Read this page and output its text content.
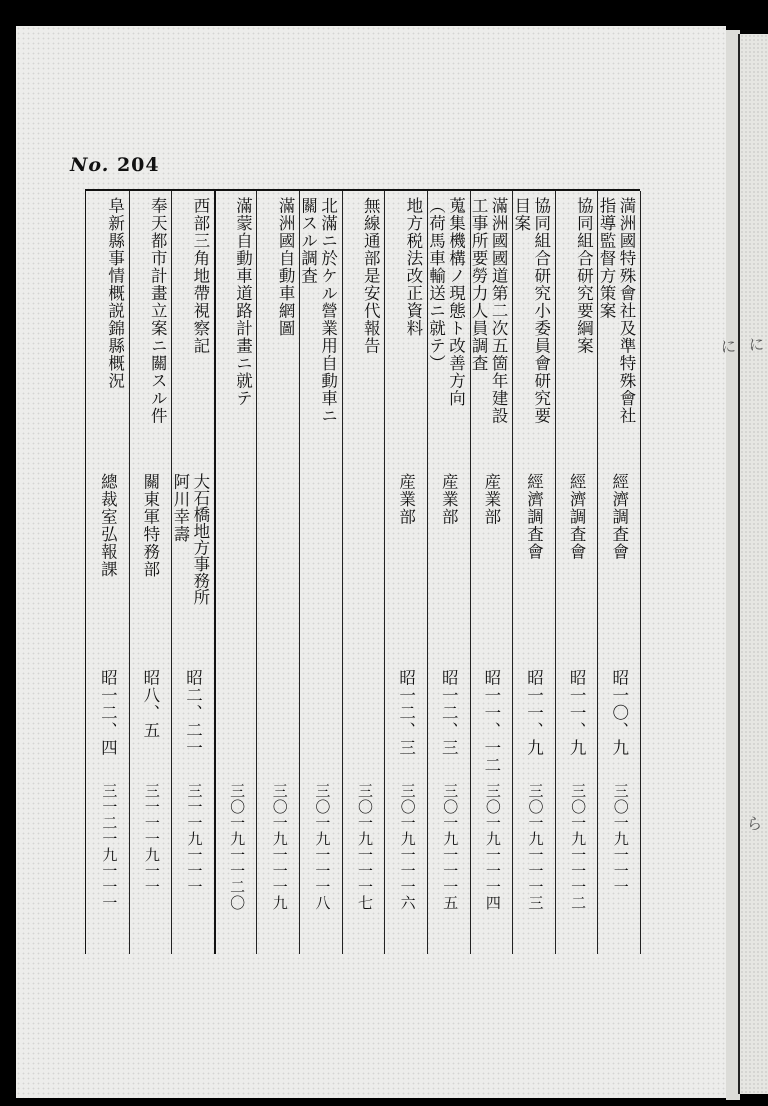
No. 204
に に
ら
満洲國特殊會社及準特殊會社
指導監督方策案
經濟調査會
昭一〇、九
三〇一九一一一
協同組合研究要綱案
經濟調査會
昭一一、九
三〇一九一一一二
協同組合研究小委員會研究要
目案
經濟調査會
昭一一、九
三〇一九一一一三
滿洲國國道第二次五箇年建設
工事所要勞力人員調査
産業部
昭一一、一二
三〇一九一一一四
蒐集機構ノ現態ト改善方向
（荷馬車輸送ニ就テ）
産業部
昭一二、三
三〇一九一一一五
地方税法改正資料
産業部
昭一二、三
三〇一九一一一六
無線通部是安代報告
三〇一九一一一七
北滿ニ於ケル營業用自動車ニ
關スル調査
三〇一九一一一八
滿洲國自動車網圖
三〇一九一一一九
滿蒙自動車道路計畫ニ就テ
三〇一九一一二〇
西部三角地帶視察記
大石橋地方事務所
阿川幸壽
昭二、二一
三一一九一一一
奉天都市計畫立案ニ關スル件
關東軍特務部
昭八、五
三一一一九一一
阜新縣事情概説錦縣概況
總裁室弘報課
昭一二、四
三一二一九一一一
